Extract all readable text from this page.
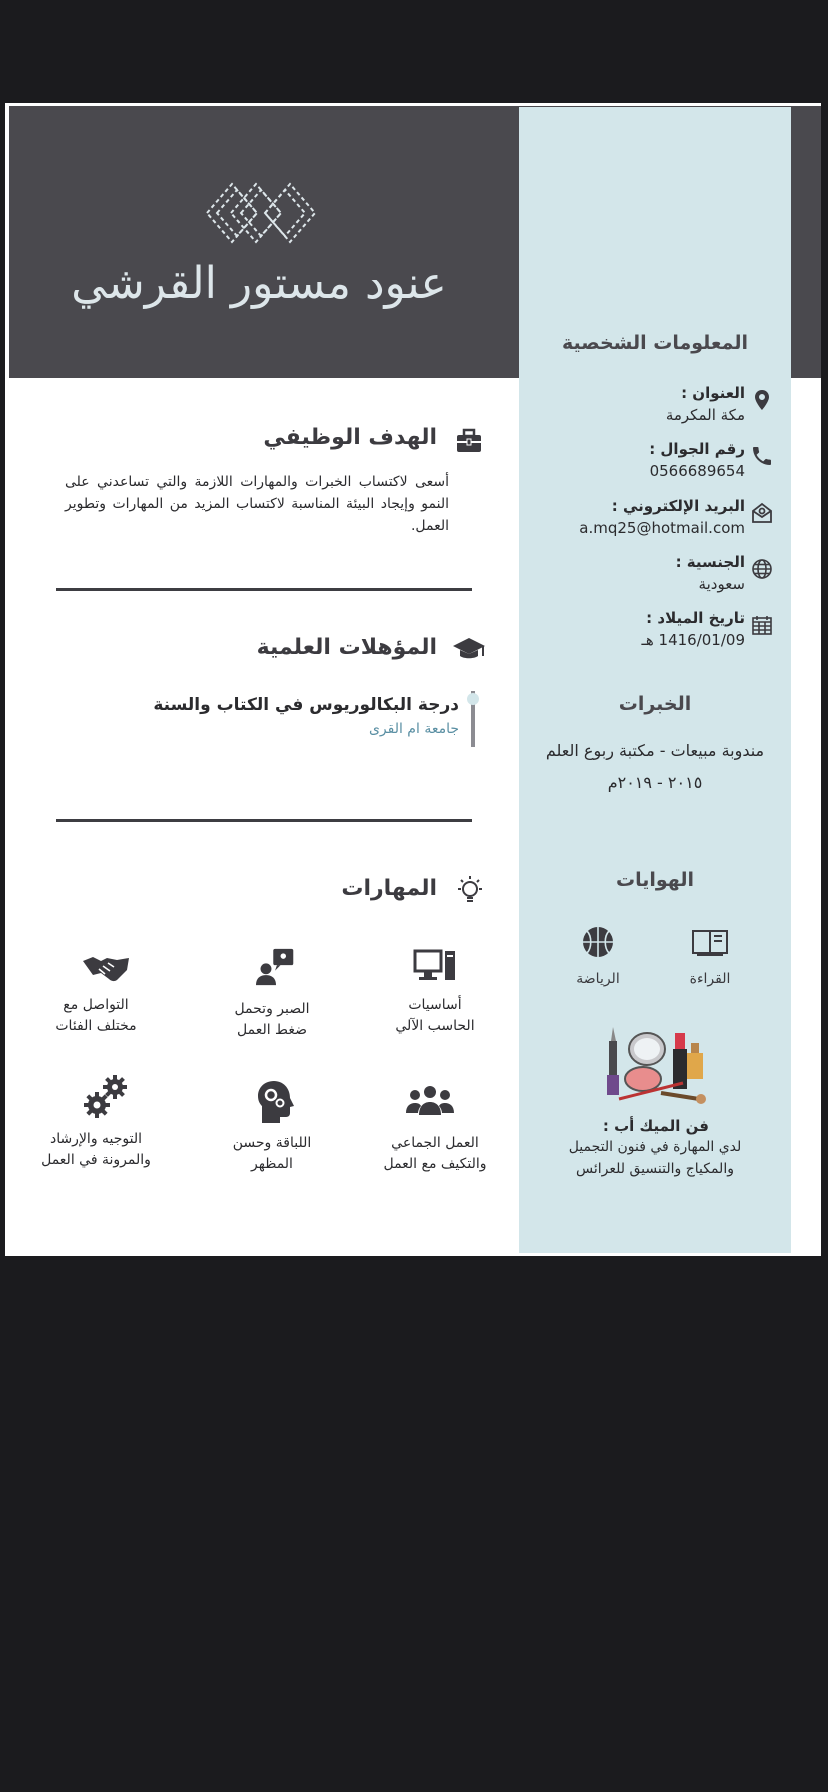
عنود مستور القرشي
المعلومات الشخصية
العنوان :
مكة المكرمة
رقم الجوال :
0566689654
البريد الإلكتروني :
a.mq25@hotmail.com
الجنسية :
سعودية
تاريخ الميلاد :
1416/01/09 هـ
الخبرات
مندوبة مبيعات - مكتبة ربوع العلم
٢٠١٥ - ٢٠١٩م
الهوايات
القراءة
الرياضة
فن الميك أب :
لدي المهارة في فنون التجميل
والمكياج والتنسيق للعرائس
الهدف الوظيفي
أسعى لاكتساب الخبرات والمهارات اللازمة والتي تساعدني على النمو وإيجاد البيئة المناسبة لاكتساب المزيد من المهارات وتطوير العمل.
المؤهلات العلمية
درجة البكالوريوس في الكتاب والسنة
جامعة ام القرى
المهارات
أساسيات
الحاسب الآلي
الصبر وتحمل
ضغط العمل
التواصل مع
مختلف الفئات
العمل الجماعي
والتكيف مع العمل
اللباقة وحسن
المظهر
التوجيه والإرشاد
والمرونة في العمل
